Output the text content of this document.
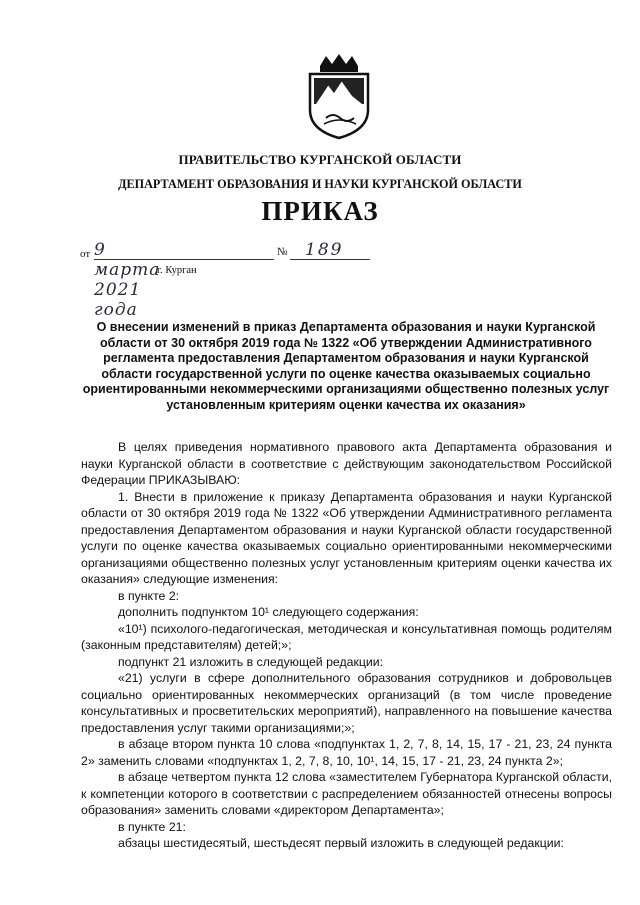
ПРАВИТЕЛЬСТВО КУРГАНСКОЙ ОБЛАСТИ
ДЕПАРТАМЕНТ ОБРАЗОВАНИЯ И НАУКИ КУРГАНСКОЙ ОБЛАСТИ
ПРИКАЗ
от 9 марта 2021 года
№ 189
г. Курган
О внесении изменений в приказ Департамента образования и науки Курганской области от 30 октября 2019 года № 1322 «Об утверждении Административного регламента предоставления Департаментом образования и науки Курганской области государственной услуги по оценке качества оказываемых социально ориентированными некоммерческими организациями общественно полезных услуг установленным критериям оценки качества их оказания»

В целях приведения нормативного правового акта Департамента образования и науки Курганской области в соответствие с действующим законодательством Российской Федерации ПРИКАЗЫВАЮ:

1. Внести в приложение к приказу Департамента образования и науки Курганской области от 30 октября 2019 года № 1322 «Об утверждении Административного регламента предоставления Департаментом образования и науки Курганской области государственной услуги по оценке качества оказываемых социально ориентированными некоммерческими организациями общественно полезных услуг установленным критериям оценки качества их оказания» следующие изменения:

в пункте 2:

дополнить подпунктом 10¹ следующего содержания:

«10¹) психолого-педагогическая, методическая и консультативная помощь родителям (законным представителям) детей;»;

подпункт 21 изложить в следующей редакции:

«21) услуги в сфере дополнительного образования сотрудников и добровольцев социально ориентированных некоммерческих организаций (в том числе проведение консультативных и просветительских мероприятий), направленного на повышение качества предоставления услуг такими организациями;»;

в абзаце втором пункта 10 слова «подпунктах 1, 2, 7, 8, 14, 15, 17 - 21, 23, 24 пункта 2» заменить словами «подпунктах 1, 2, 7, 8, 10, 10¹, 14, 15, 17 - 21, 23, 24 пункта 2»;

в абзаце четвертом пункта 12 слова «заместителем Губернатора Курганской области, к компетенции которого в соответствии с распределением обязанностей отнесены вопросы образования» заменить словами «директором Департамента»;

в пункте 21:

абзацы шестидесятый, шестьдесят первый изложить в следующей редакции:
